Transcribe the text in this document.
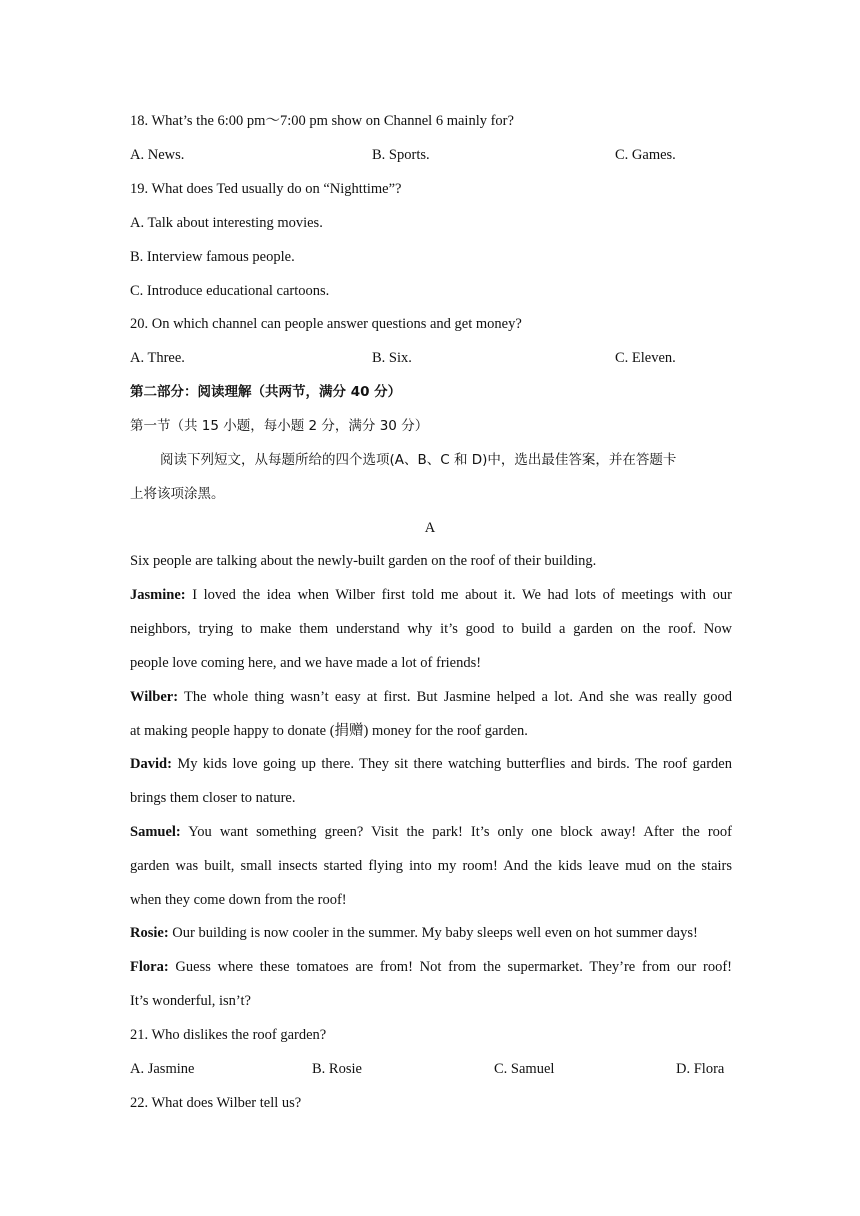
18. What’s the 6:00 pm～7:00 pm show on Channel 6 mainly for?
A. News.	B. Sports.	C. Games.
19. What does Ted usually do on “Nighttime”?
A. Talk about interesting movies.
B. Interview famous people.
C. Introduce educational cartoons.
20. On which channel can people answer questions and get money?
A. Three.	B. Six.	C. Eleven.
第二部分：阅读理解（共两节，满分 40 分）
第一节（共 15 小题，每小题 2 分，满分 30 分）
阅读下列短文，从每题所给的四个选项(A、B、C 和 D)中，选出最佳答案，并在答题卡
上将该项涂黑。
A
Six people are talking about the newly-built garden on the roof of their building.
Jasmine: I loved the idea when Wilber first told me about it. We had lots of meetings with our
neighbors, trying to make them understand why it’s good to build a garden on the roof. Now
people love coming here, and we have made a lot of friends!
Wilber: The whole thing wasn’t easy at first. But Jasmine helped a lot. And she was really good
at making people happy to donate (捐赠) money for the roof garden.
David: My kids love going up there. They sit there watching butterflies and birds. The roof garden
brings them closer to nature.
Samuel: You want something green? Visit the park! It’s only one block away! After the roof
garden was built, small insects started flying into my room! And the kids leave mud on the stairs
when they come down from the roof!
Rosie: Our building is now cooler in the summer. My baby sleeps well even on hot summer days!
Flora: Guess where these tomatoes are from! Not from the supermarket. They’re from our roof!
It’s wonderful, isn’t?
21. Who dislikes the roof garden?
A. Jasmine	B. Rosie	C. Samuel	D. Flora
22. What does Wilber tell us?
